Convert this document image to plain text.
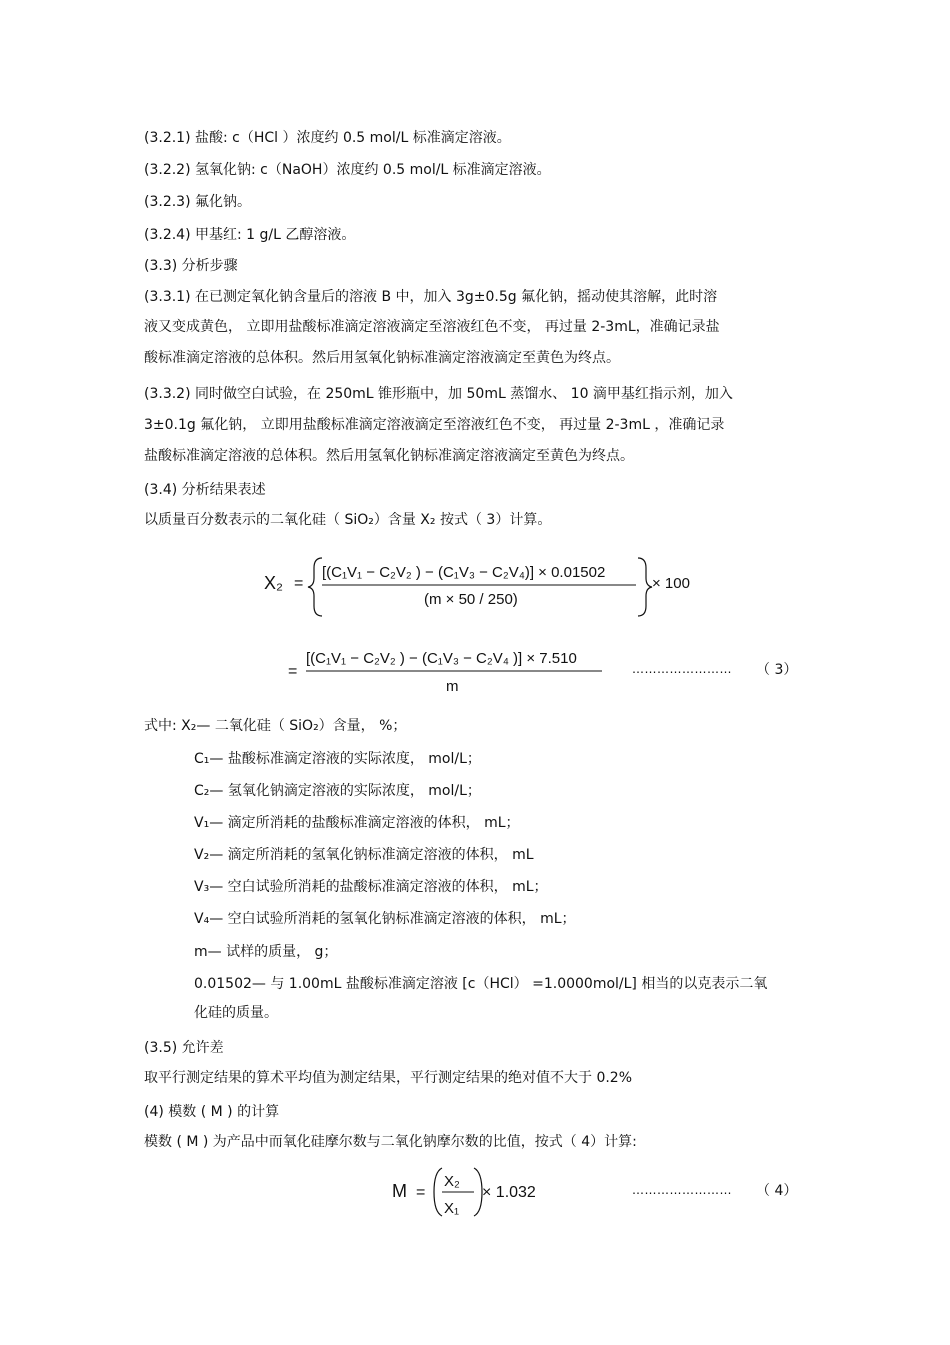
(3.2.1) 盐酸: c（HCl ）浓度约 0.5 mol/L 标准滴定溶液。
(3.2.2) 氢氧化钠: c（NaOH）浓度约 0.5 mol/L 标准滴定溶液。
(3.2.3) 氟化钠。
(3.2.4) 甲基红: 1 g/L 乙醇溶液。
(3.3) 分析步骤
(3.3.1) 在已测定氧化钠含量后的溶液 B 中，加入 3g±0.5g 氟化钠，摇动使其溶解，此时溶
液又变成黄色， 立即用盐酸标准滴定溶液滴定至溶液红色不变， 再过量 2-3mL，准确记录盐
酸标准滴定溶液的总体积。然后用氢氧化钠标准滴定溶液滴定至黄色为终点。
(3.3.2) 同时做空白试验，在 250mL 锥形瓶中，加 50mL 蒸馏水、 10 滴甲基红指示剂，加入
3±0.1g 氟化钠， 立即用盐酸标准滴定溶液滴定至溶液红色不变， 再过量 2-3mL ，准确记录
盐酸标准滴定溶液的总体积。然后用氢氧化钠标准滴定溶液滴定至黄色为终点。
(3.4) 分析结果表述
以质量百分数表示的二氧化硅（ SiO₂）含量 X₂ 按式（ 3）计算。
X₂ =
[(C₁V₁ − C₂V₂ ) − (C₁V₃ − C₂V₄)] × 0.01502
(m × 50 / 250)
× 100
=
[(C₁V₁ − C₂V₂ ) − (C₁V₃ − C₂V₄ )] × 7.510
m
…………………… （ 3）
式中: X₂— 二氧化硅（ SiO₂）含量， %；
C₁— 盐酸标准滴定溶液的实际浓度， mol/L；
C₂— 氢氧化钠滴定溶液的实际浓度， mol/L；
V₁— 滴定所消耗的盐酸标准滴定溶液的体积， mL；
V₂— 滴定所消耗的氢氧化钠标准滴定溶液的体积， mL
V₃— 空白试验所消耗的盐酸标准滴定溶液的体积， mL；
V₄— 空白试验所消耗的氢氧化钠标准滴定溶液的体积， mL；
m— 试样的质量， g；
0.01502— 与 1.00mL 盐酸标准滴定溶液 [c（HCl） =1.0000mol/L] 相当的以克表示二氧
化硅的质量。
(3.5) 允许差
取平行测定结果的算术平均值为测定结果，平行测定结果的绝对值不大于 0.2%
(4) 模数 ( M ) 的计算
模数 ( M ) 为产品中而氧化硅摩尔数与二氧化钠摩尔数的比值，按式（ 4）计算:
M =
X₂
X₁
× 1.032	…………………… （ 4）
